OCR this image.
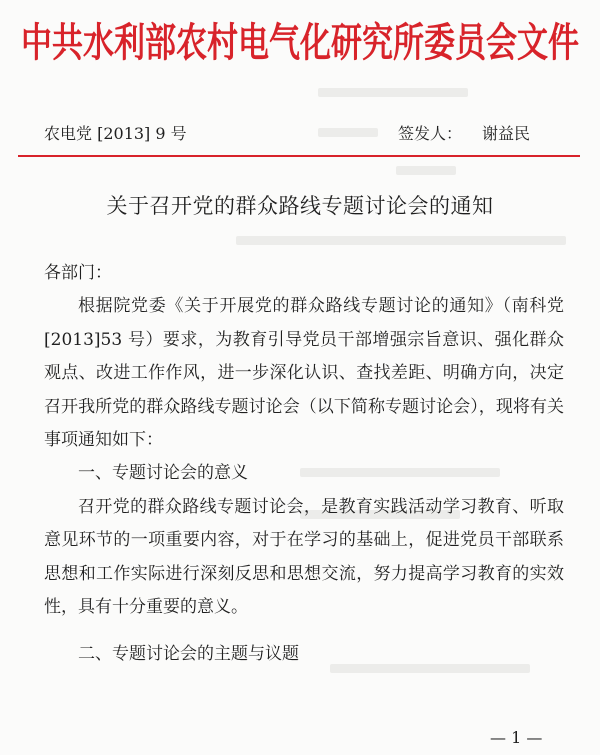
中共水利部农村电气化研究所委员会文件
农电党 [2013] 9 号	签发人： 谢益民
关于召开党的群众路线专题讨论会的通知

各部门：

根据院党委《关于开展党的群众路线专题讨论的通知》（南科党[2013]53 号）要求，为教育引导党员干部增强宗旨意识、强化群众观点、改进工作作风，进一步深化认识、查找差距、明确方向，决定召开我所党的群众路线专题讨论会（以下简称专题讨论会），现将有关事项通知如下：

一、专题讨论会的意义

召开党的群众路线专题讨论会，是教育实践活动学习教育、听取意见环节的一项重要内容，对于在学习的基础上，促进党员干部联系思想和工作实际进行深刻反思和思想交流，努力提高学习教育的实效性，具有十分重要的意义。

二、专题讨论会的主题与议题

— 1 —
